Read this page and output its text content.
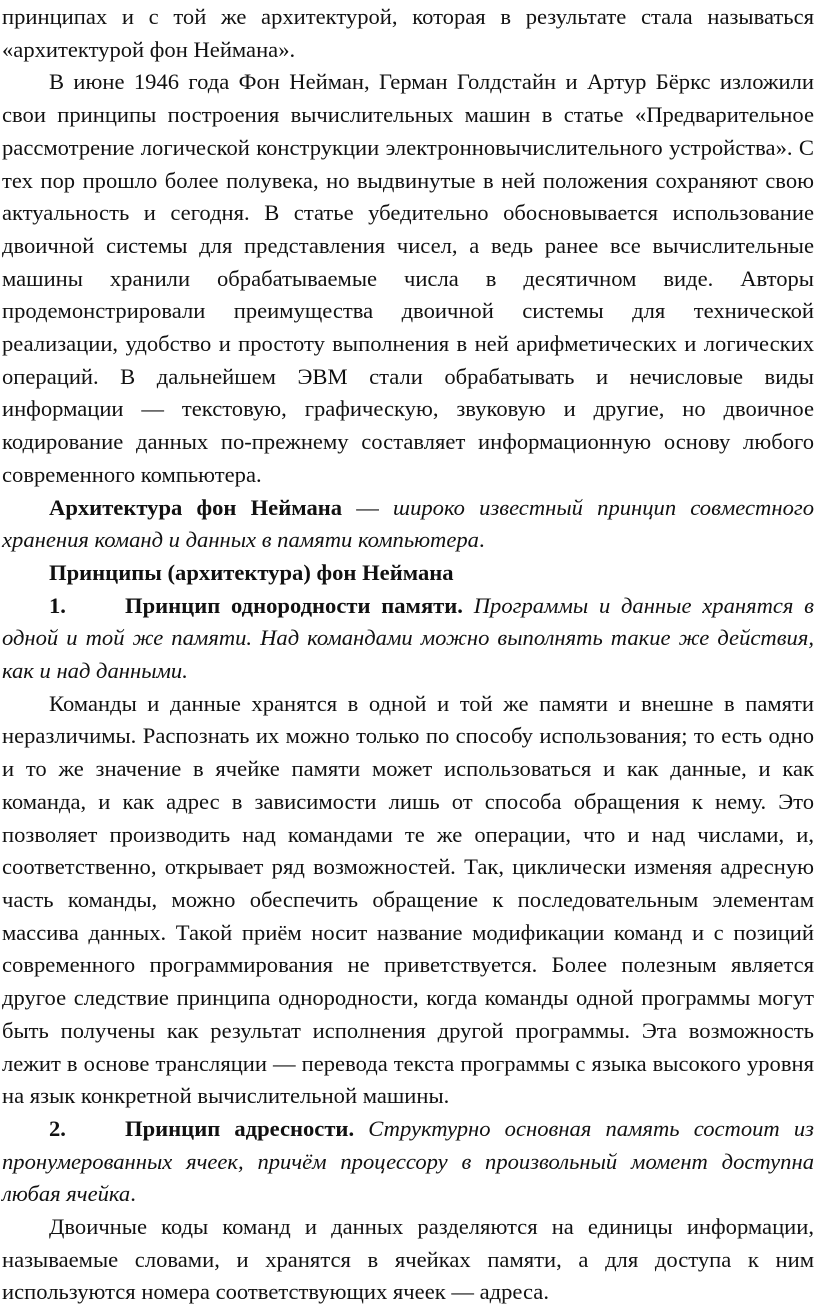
принципах и с той же архитектурой, которая в результате стала называться «архитектурой фон Неймана».

В июне 1946 года Фон Нейман, Герман Голдстайн и Артур Бёркс изложили свои принципы построения вычислительных машин в статье «Предварительное рассмотрение логической конструкции электронновычислительного устройства». С тех пор прошло более полувека, но выдвинутые в ней положения сохраняют свою актуальность и сегодня. В статье убедительно обосновывается использование двоичной системы для представления чисел, а ведь ранее все вычислительные машины хранили обрабатываемые числа в десятичном виде. Авторы продемонстрировали преимущества двоичной системы для технической реализации, удобство и простоту выполнения в ней арифметических и логических операций. В дальнейшем ЭВМ стали обрабатывать и нечисловые виды информации — текстовую, графическую, звуковую и другие, но двоичное кодирование данных по-прежнему составляет информационную основу любого современного компьютера.

Архитектура фон Неймана — широко известный принцип совместного хранения команд и данных в памяти компьютера.

Принципы (архитектура) фон Неймана

1.	Принцип однородности памяти. Программы и данные хранятся в одной и той же памяти. Над командами можно выполнять такие же действия, как и над данными.

Команды и данные хранятся в одной и той же памяти и внешне в памяти неразличимы. Распознать их можно только по способу использования; то есть одно и то же значение в ячейке памяти может использоваться и как данные, и как команда, и как адрес в зависимости лишь от способа обращения к нему. Это позволяет производить над командами те же операции, что и над числами, и, соответственно, открывает ряд возможностей. Так, циклически изменяя адресную часть команды, можно обеспечить обращение к последовательным элементам массива данных. Такой приём носит название модификации команд и с позиций современного программирования не приветствуется. Более полезным является другое следствие принципа однородности, когда команды одной программы могут быть получены как результат исполнения другой программы. Эта возможность лежит в основе трансляции — перевода текста программы с языка высокого уровня на язык конкретной вычислительной машины.

2.	Принцип адресности. Структурно основная память состоит из пронумерованных ячеек, причём процессору в произвольный момент доступна любая ячейка.

Двоичные коды команд и данных разделяются на единицы информации, называемые словами, и хранятся в ячейках памяти, а для доступа к ним используются номера соответствующих ячеек — адреса.
